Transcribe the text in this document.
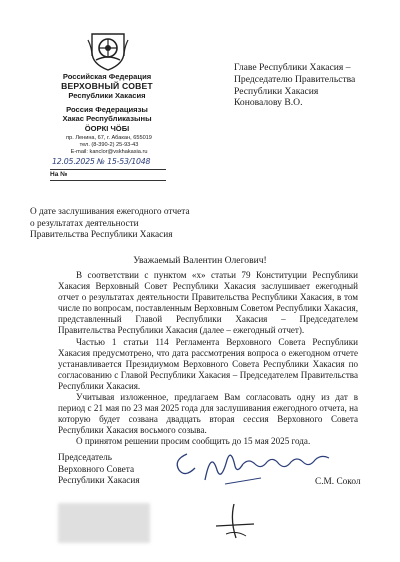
Российская Федерация
ВЕРХОВНЫЙ СОВЕТ
Республики Хакасия
Россия Федерациязы
Хакас Республиказыны
ÖОРКI ЧÖБI
пр. Ленина, 67, г. Абакан, 655019
тел. (8-390-2) 25-93-43
E-mail: kanclor@vskhakasia.ru
12.05.2025 № 15-53/1048
На №
Главе Республики Хакасия –
Председателю Правительства
Республики Хакасия
Коновалову В.О.
О дате заслушивания ежегодного отчета
о результатах деятельности
Правительства Республики Хакасия
Уважаемый Валентин Олегович!

В соответствии с пунктом «х» статьи 79 Конституции Республики Хакасия Верховный Совет Республики Хакасия заслушивает ежегодный отчет о результатах деятельности Правительства Республики Хакасия, в том числе по вопросам, поставленным Верховным Советом Республики Хакасия, представленный Главой Республики Хакасия – Председателем Правительства Республики Хакасия (далее – ежегодный отчет).

Частью 1 статьи 114 Регламента Верховного Совета Республики Хакасия предусмотрено, что дата рассмотрения вопроса о ежегодном отчете устанавливается Президиумом Верховного Совета Республики Хакасия по согласованию с Главой Республики Хакасия – Председателем Правительства Республики Хакасия.

Учитывая изложенное, предлагаем Вам согласовать одну из дат в период с 21 мая по 23 мая 2025 года для заслушивания ежегодного отчета, на которую будет созвана двадцать вторая сессия Верховного Совета Республики Хакасия восьмого созыва.

О принятом решении просим сообщить до 15 мая 2025 года.

Председатель
Верховного Совета
Республики Хакасия	С.М. Сокол
